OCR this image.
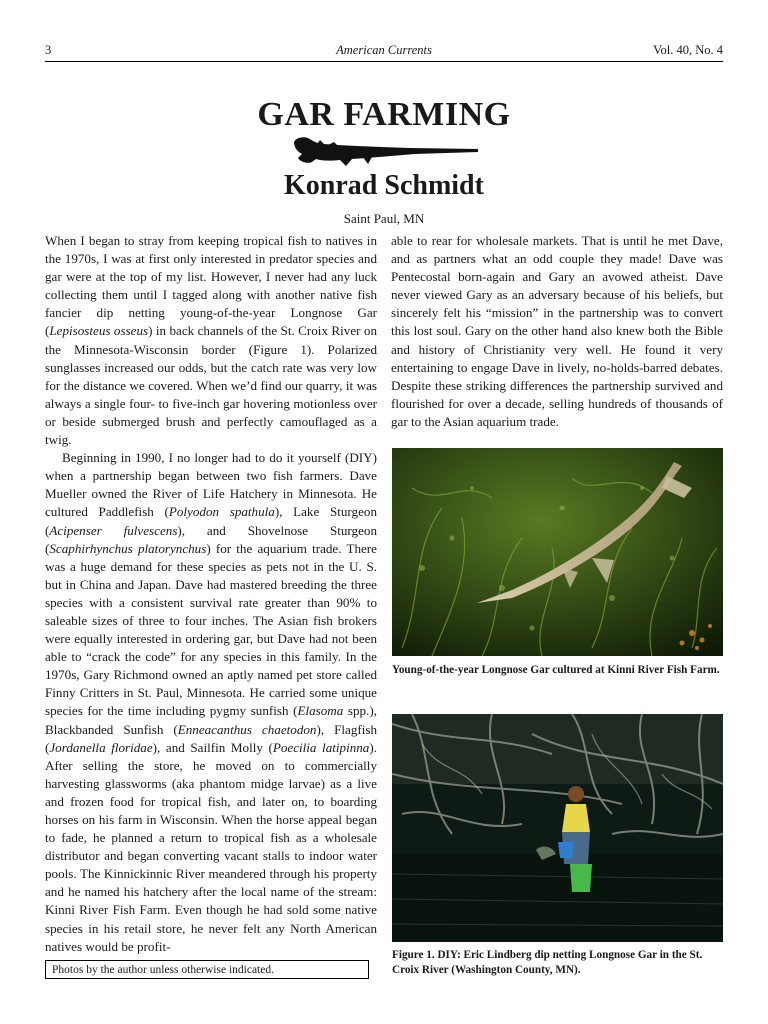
3	American Currents	Vol. 40, No. 4
GAR FARMING
Konrad Schmidt
Saint Paul, MN

When I began to stray from keeping tropical fish to natives in the 1970s, I was at first only interested in predator species and gar were at the top of my list. However, I never had any luck collecting them until I tagged along with another native fish fancier dip netting young-of-the-year Longnose Gar (Lepisosteus osseus) in back channels of the St. Croix River on the Minnesota-Wisconsin border (Figure 1). Polarized sunglasses increased our odds, but the catch rate was very low for the distance we covered. When we’d find our quarry, it was always a single four- to five-inch gar hovering motionless over or beside submerged brush and perfectly camouflaged as a twig.

Beginning in 1990, I no longer had to do it yourself (DIY) when a partnership began between two fish farmers. Dave Mueller owned the River of Life Hatchery in Minnesota. He cultured Paddlefish (Polyodon spathula), Lake Sturgeon (Acipenser fulvescens), and Shovelnose Sturgeon (Scaphirhynchus platorynchus) for the aquarium trade. There was a huge demand for these species as pets not in the U. S. but in China and Japan. Dave had mastered breeding the three species with a consistent survival rate greater than 90% to saleable sizes of three to four inches. The Asian fish brokers were equally interested in ordering gar, but Dave had not been able to “crack the code” for any species in this family. In the 1970s, Gary Richmond owned an aptly named pet store called Finny Critters in St. Paul, Minnesota. He carried some unique species for the time including pygmy sunfish (Elasoma spp.), Blackbanded Sunfish (Enneacanthus chaetodon), Flagfish (Jordanella floridae), and Sailfin Molly (Poecilia latipinna). After selling the store, he moved on to commercially harvesting glassworms (aka phantom midge larvae) as a live and frozen food for tropical fish, and later on, to boarding horses on his farm in Wisconsin. When the horse appeal began to fade, he planned a return to tropical fish as a wholesale distributor and began converting vacant stalls to indoor water pools. The Kinnickinnic River meandered through his property and he named his hatchery after the local name of the stream: Kinni River Fish Farm. Even though he had sold some native species in his retail store, he never felt any North American natives would be profit-

able to rear for wholesale markets. That is until he met Dave, and as partners what an odd couple they made! Dave was Pentecostal born-again and Gary an avowed atheist. Dave never viewed Gary as an adversary because of his beliefs, but sincerely felt his “mission” in the partnership was to convert this lost soul. Gary on the other hand also knew both the Bible and history of Christianity very well. He found it very entertaining to engage Dave in lively, no-holds-barred debates. Despite these striking differences the partnership survived and flourished for over a decade, selling hundreds of thousands of gar to the Asian aquarium trade.

Young-of-the-year Longnose Gar cultured at Kinni River Fish Farm.
Figure 1. DIY: Eric Lindberg dip netting Longnose Gar in the St. Croix River (Washington County, MN).
Photos by the author unless otherwise indicated.
